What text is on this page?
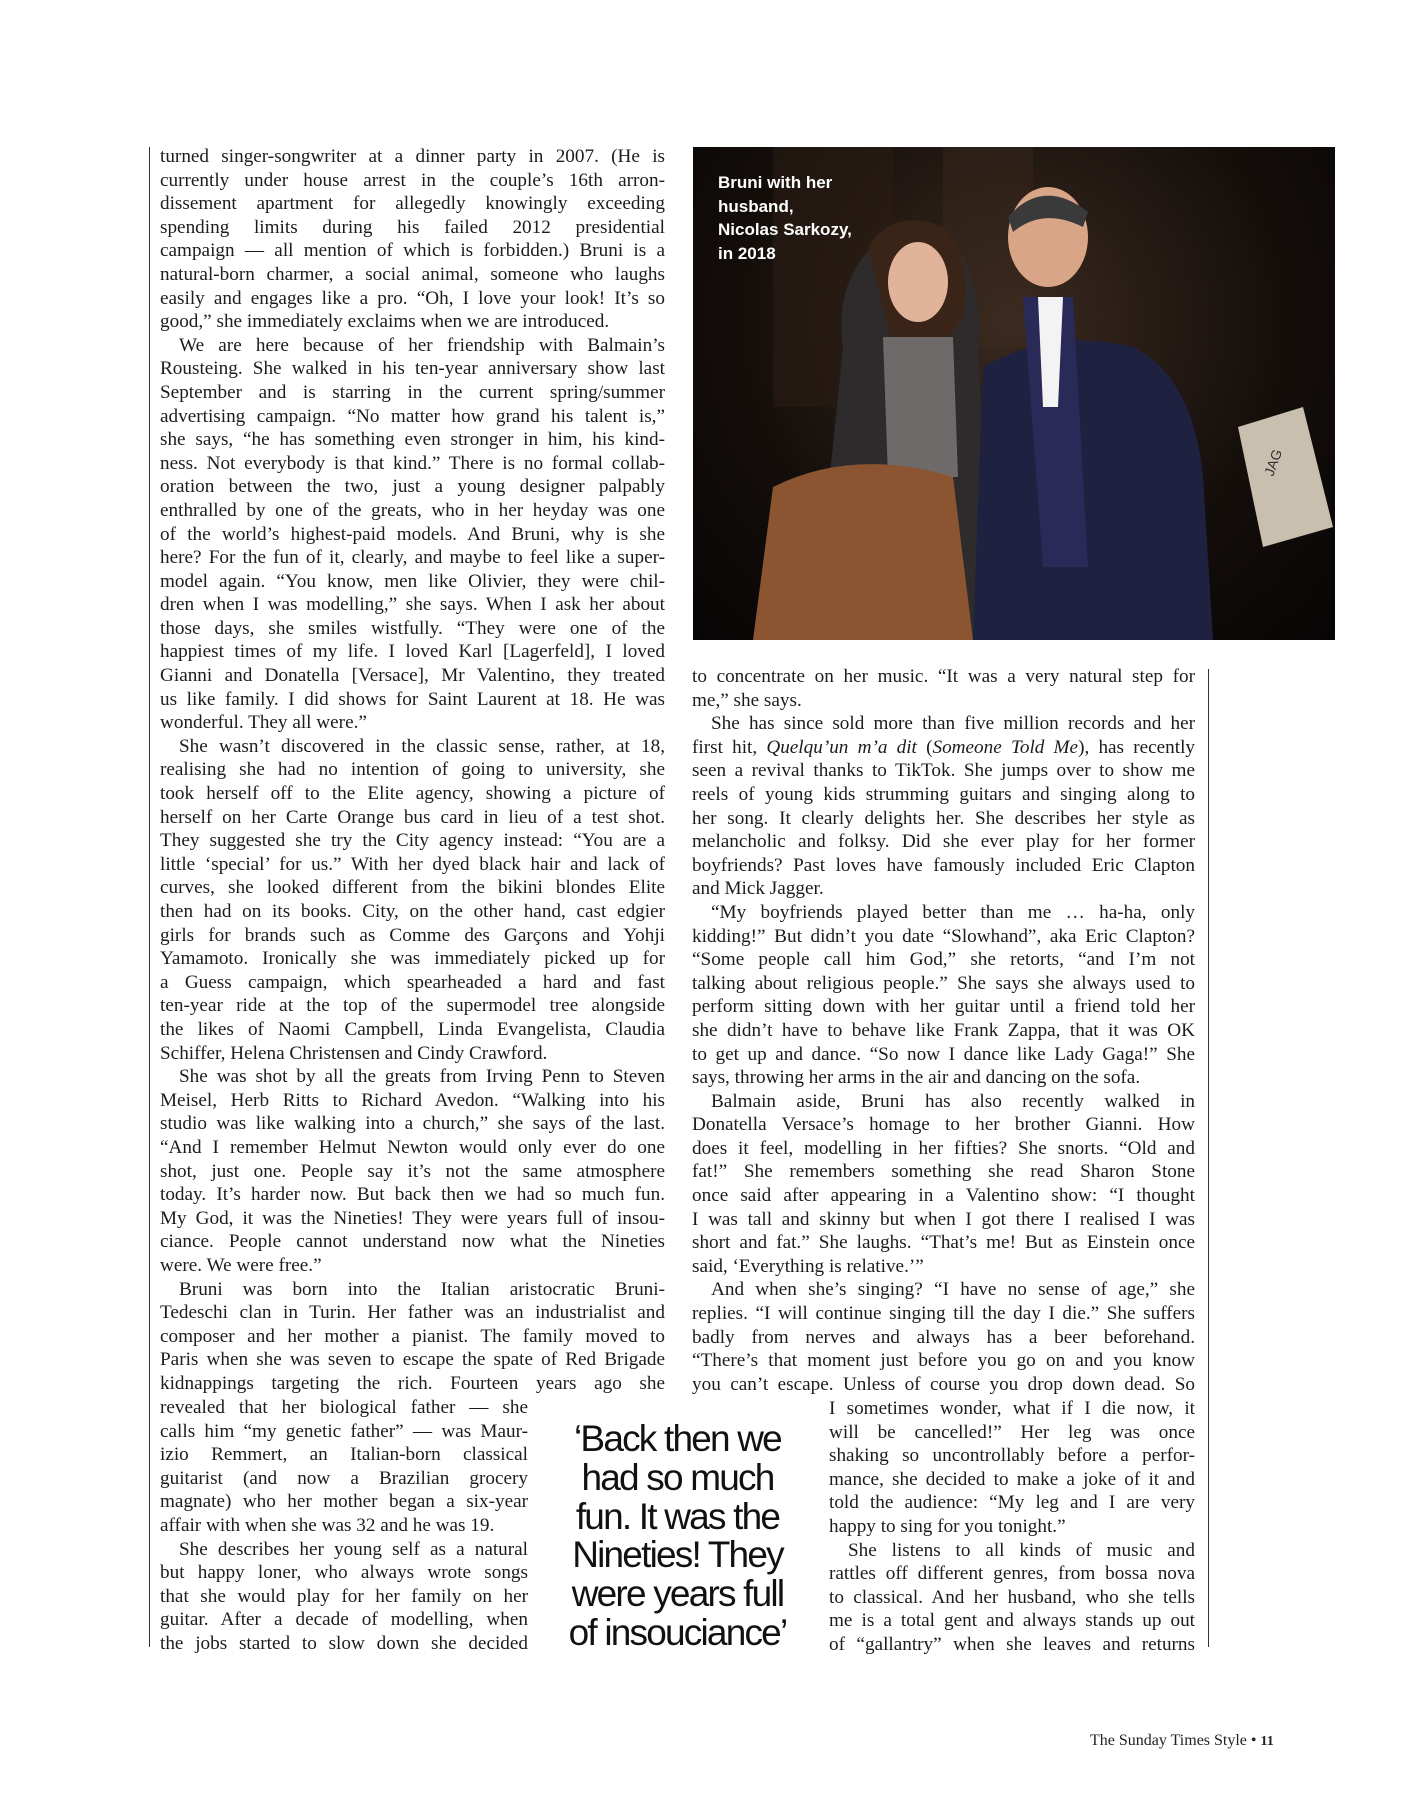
turned singer-songwriter at a dinner party in 2007. (He is
currently under house arrest in the couple’s 16th arron-
dissement apartment for allegedly knowingly exceeding
spending limits during his failed 2012 presidential
campaign — all mention of which is forbidden.) Bruni is a
natural-born charmer, a social animal, someone who laughs
easily and engages like a pro. “Oh, I love your look! It’s so
good,” she immediately exclaims when we are introduced.
We are here because of her friendship with Balmain’s
Rousteing. She walked in his ten-year anniversary show last
September and is starring in the current spring/summer
advertising campaign. “No matter how grand his talent is,”
she says, “he has something even stronger in him, his kind-
ness. Not everybody is that kind.” There is no formal collab-
oration between the two, just a young designer palpably
enthralled by one of the greats, who in her heyday was one
of the world’s highest-paid models. And Bruni, why is she
here? For the fun of it, clearly, and maybe to feel like a super-
model again. “You know, men like Olivier, they were chil-
dren when I was modelling,” she says. When I ask her about
those days, she smiles wistfully. “They were one of the
happiest times of my life. I loved Karl [Lagerfeld], I loved
Gianni and Donatella [Versace], Mr Valentino, they treated
us like family. I did shows for Saint Laurent at 18. He was
wonderful. They all were.”
She wasn’t discovered in the classic sense, rather, at 18,
realising she had no intention of going to university, she
took herself off to the Elite agency, showing a picture of
herself on her Carte Orange bus card in lieu of a test shot.
They suggested she try the City agency instead: “You are a
little ‘special’ for us.” With her dyed black hair and lack of
curves, she looked different from the bikini blondes Elite
then had on its books. City, on the other hand, cast edgier
girls for brands such as Comme des Garçons and Yohji
Yamamoto. Ironically she was immediately picked up for
a Guess campaign, which spearheaded a hard and fast
ten-year ride at the top of the supermodel tree alongside
the likes of Naomi Campbell, Linda Evangelista, Claudia
Schiffer, Helena Christensen and Cindy Crawford.
She was shot by all the greats from Irving Penn to Steven
Meisel, Herb Ritts to Richard Avedon. “Walking into his
studio was like walking into a church,” she says of the last.
“And I remember Helmut Newton would only ever do one
shot, just one. People say it’s not the same atmosphere
today. It’s harder now. But back then we had so much fun.
My God, it was the Nineties! They were years full of insou-
ciance. People cannot understand now what the Nineties
were. We were free.”
Bruni was born into the Italian aristocratic Bruni-
Tedeschi clan in Turin. Her father was an industrialist and
composer and her mother a pianist. The family moved to
Paris when she was seven to escape the spate of Red Brigade
kidnappings targeting the rich. Fourteen years ago she
revealed that her biological father — she
calls him “my genetic father” — was Maur-
izio Remmert, an Italian-born classical
guitarist (and now a Brazilian grocery
magnate) who her mother began a six-year
affair with when she was 32 and he was 19.
She describes her young self as a natural
but happy loner, who always wrote songs
that she would play for her family on her
guitar. After a decade of modelling, when
the jobs started to slow down she decided
to concentrate on her music. “It was a very natural step for
me,” she says.
She has since sold more than five million records and her
first hit, Quelqu’un m’a dit (Someone Told Me), has recently
seen a revival thanks to TikTok. She jumps over to show me
reels of young kids strumming guitars and singing along to
her song. It clearly delights her. She describes her style as
melancholic and folksy. Did she ever play for her former
boyfriends? Past loves have famously included Eric Clapton
and Mick Jagger.
“My boyfriends played better than me … ha-ha, only
kidding!” But didn’t you date “Slowhand”, aka Eric Clapton?
“Some people call him God,” she retorts, “and I’m not
talking about religious people.” She says she always used to
perform sitting down with her guitar until a friend told her
she didn’t have to behave like Frank Zappa, that it was OK
to get up and dance. “So now I dance like Lady Gaga!” She
says, throwing her arms in the air and dancing on the sofa.
Balmain aside, Bruni has also recently walked in
Donatella Versace’s homage to her brother Gianni. How
does it feel, modelling in her fifties? She snorts. “Old and
fat!” She remembers something she read Sharon Stone
once said after appearing in a Valentino show: “I thought
I was tall and skinny but when I got there I realised I was
short and fat.” She laughs. “That’s me! But as Einstein once
said, ‘Everything is relative.’”
And when she’s singing? “I have no sense of age,” she
replies. “I will continue singing till the day I die.” She suffers
badly from nerves and always has a beer beforehand.
“There’s that moment just before you go on and you know
you can’t escape. Unless of course you drop down dead. So
I sometimes wonder, what if I die now, it
will be cancelled!” Her leg was once
shaking so uncontrollably before a perfor-
mance, she decided to make a joke of it and
told the audience: “My leg and I are very
happy to sing for you tonight.”
She listens to all kinds of music and
rattles off different genres, from bossa nova
to classical. And her husband, who she tells
me is a total gent and always stands up out
of “gallantry” when she leaves and returns
JAG
Bruni with her
husband,
Nicolas Sarkozy,
in 2018
‘Back then we
had so much
fun. It was the
Nineties! They
were years full
of insouciance’
The Sunday Times Style • 11
